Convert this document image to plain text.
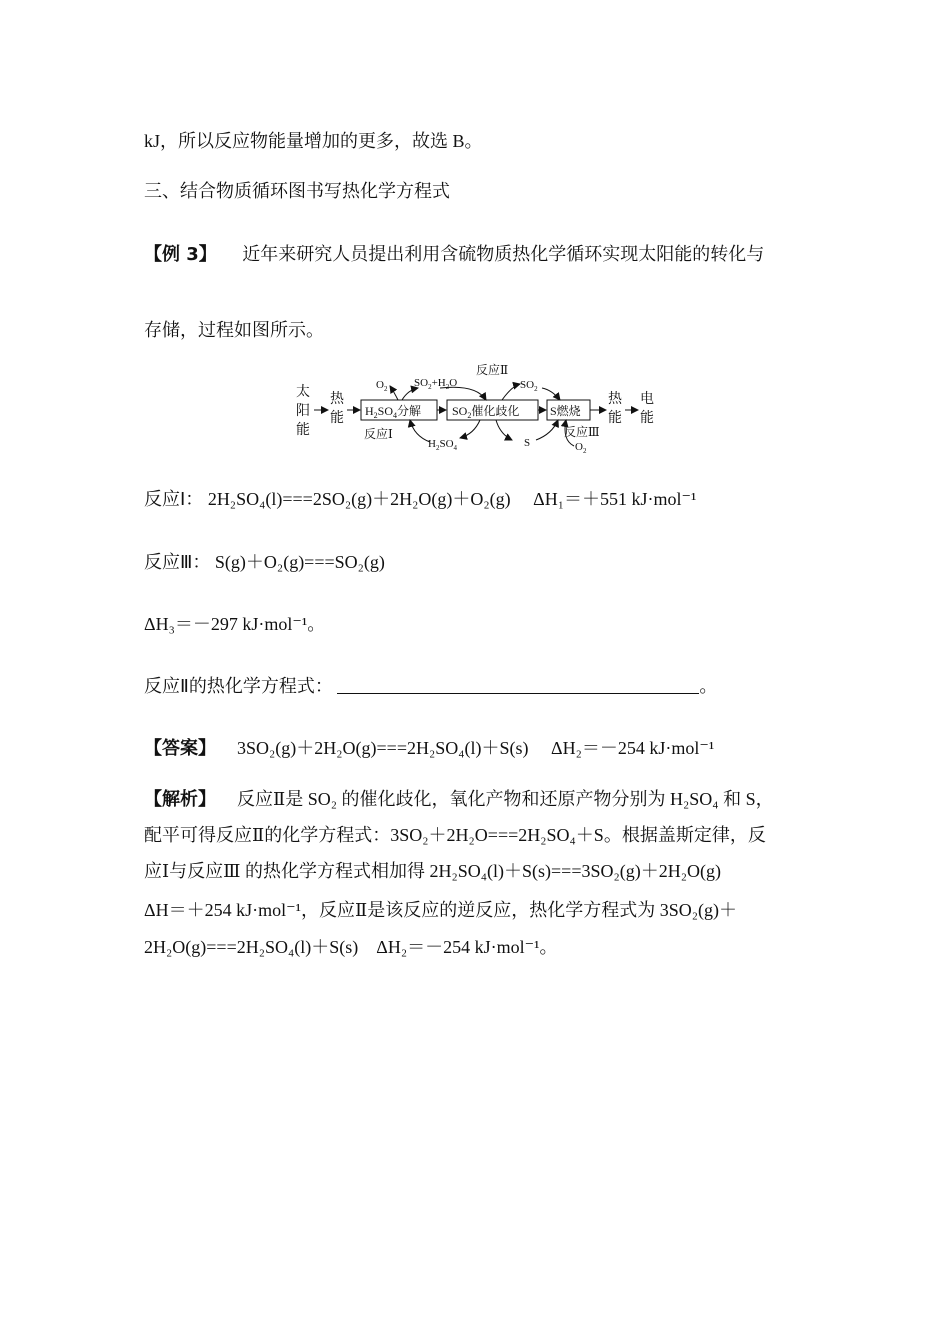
kJ，所以反应物能量增加的更多，故选 B。
三、结合物质循环图书写热化学方程式
【例 3】 近年来研究人员提出利用含硫物质热化学循环实现太阳能的转化与
存储，过程如图所示。
太
阳
能
热
能 $H_2SO_4$分解	$SO_2$催化歧化	S燃烧
热
能
电
能
$O_2$ $SO_2+H_2O$
反应Ⅱ
$SO_2$
反应Ⅰ
$H_2SO_4$	S
反应Ⅲ
$O_2$
反应Ⅰ： 2H₂SO₄(l)===2SO₂(g)＋2H₂O(g)＋O₂(g) ΔH₁＝＋551 kJ·mol⁻¹
反应Ⅲ： S(g)＋O₂(g)===SO₂(g)
ΔH₃＝－297 kJ·mol⁻¹。
反应Ⅱ的热化学方程式：	。
【答案】 3SO₂(g)＋2H₂O(g)===2H₂SO₄(l)＋S(s) ΔH₂＝－254 kJ·mol⁻¹
【解析】 反应Ⅱ是 SO₂ 的催化歧化，氧化产物和还原产物分别为 H₂SO₄ 和 S，
配平可得反应Ⅱ的化学方程式：3SO₂＋2H₂O===2H₂SO₄＋S。根据盖斯定律，反
应Ⅰ与反应Ⅲ 的热化学方程式相加得 2H₂SO₄(l)＋S(s)===3SO₂(g)＋2H₂O(g)
ΔH＝＋254 kJ·mol⁻¹，反应Ⅱ是该反应的逆反应，热化学方程式为 3SO₂(g)＋
2H₂O(g)===2H₂SO₄(l)＋S(s)　ΔH₂＝－254 kJ·mol⁻¹。
